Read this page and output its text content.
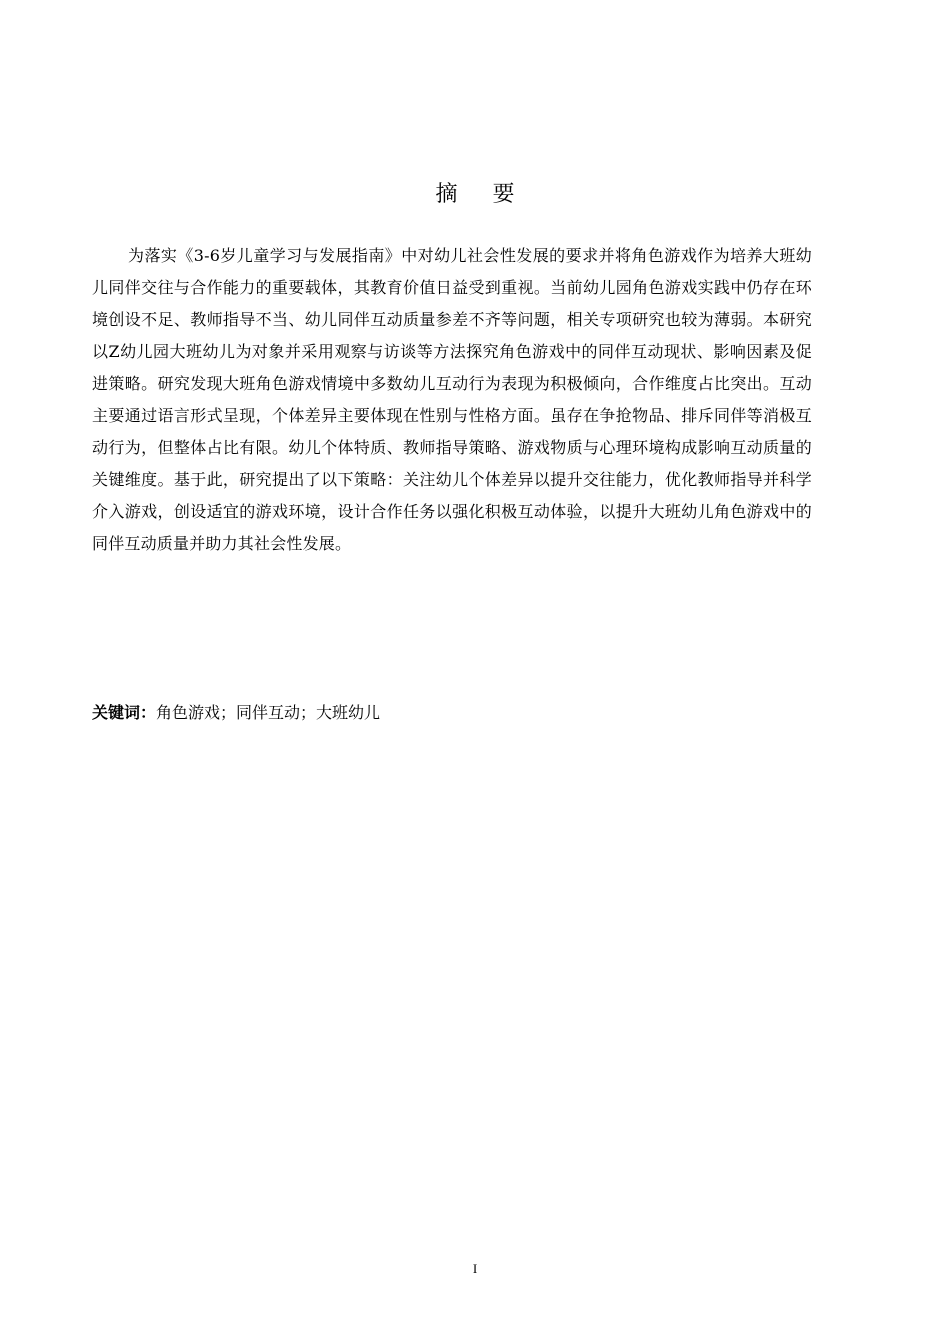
摘 要

为落实《3-6岁儿童学习与发展指南》中对幼儿社会性发展的要求并将角色游戏作为培养大班幼儿同伴交往与合作能力的重要载体，其教育价值日益受到重视。当前幼儿园角色游戏实践中仍存在环境创设不足、教师指导不当、幼儿同伴互动质量参差不齐等问题，相关专项研究也较为薄弱。本研究以Z幼儿园大班幼儿为对象并采用观察与访谈等方法探究角色游戏中的同伴互动现状、影响因素及促进策略。研究发现大班角色游戏情境中多数幼儿互动行为表现为积极倾向，合作维度占比突出。互动主要通过语言形式呈现，个体差异主要体现在性别与性格方面。虽存在争抢物品、排斥同伴等消极互动行为，但整体占比有限。幼儿个体特质、教师指导策略、游戏物质与心理环境构成影响互动质量的关键维度。基于此，研究提出了以下策略：关注幼儿个体差异以提升交往能力，优化教师指导并科学介入游戏，创设适宜的游戏环境，设计合作任务以强化积极互动体验，以提升大班幼儿角色游戏中的同伴互动质量并助力其社会性发展。

关键词：角色游戏；同伴互动；大班幼儿
I
